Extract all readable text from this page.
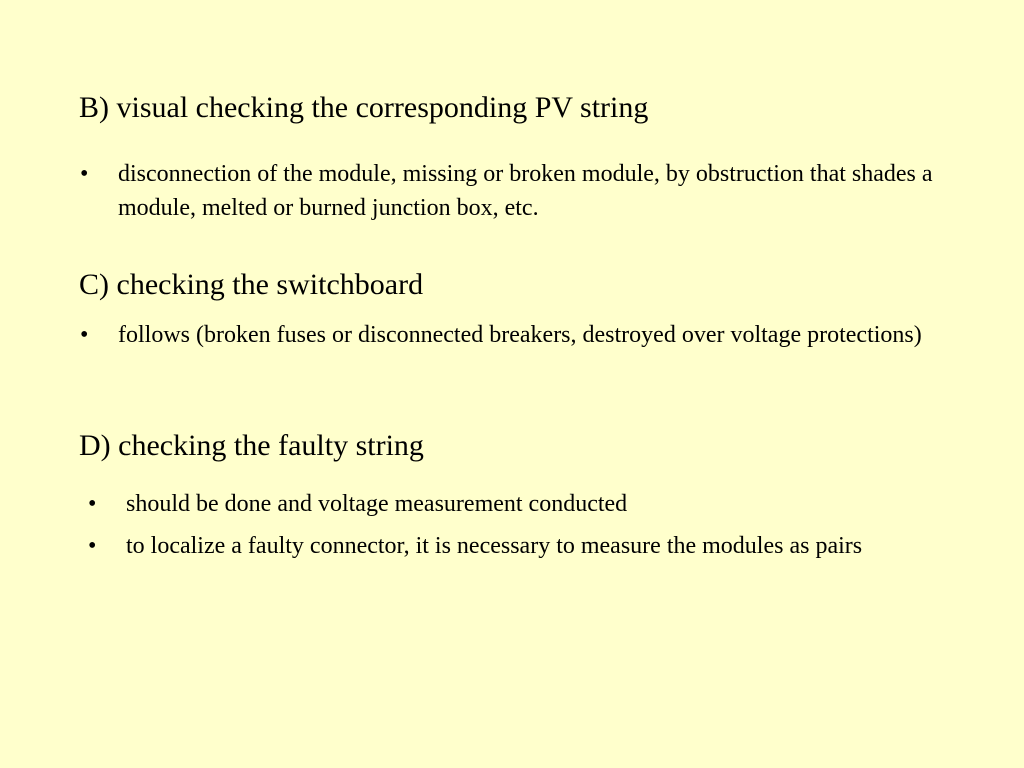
B) visual checking the corresponding PV string
• disconnection of the module, missing or broken module, by obstruction that shades a module, melted or burned junction box, etc.
C) checking the switchboard
• follows (broken fuses or disconnected breakers, destroyed over voltage protections)
D) checking the faulty string
• should be done and voltage measurement conducted
• to localize a faulty connector, it is necessary to measure the modules as pairs
